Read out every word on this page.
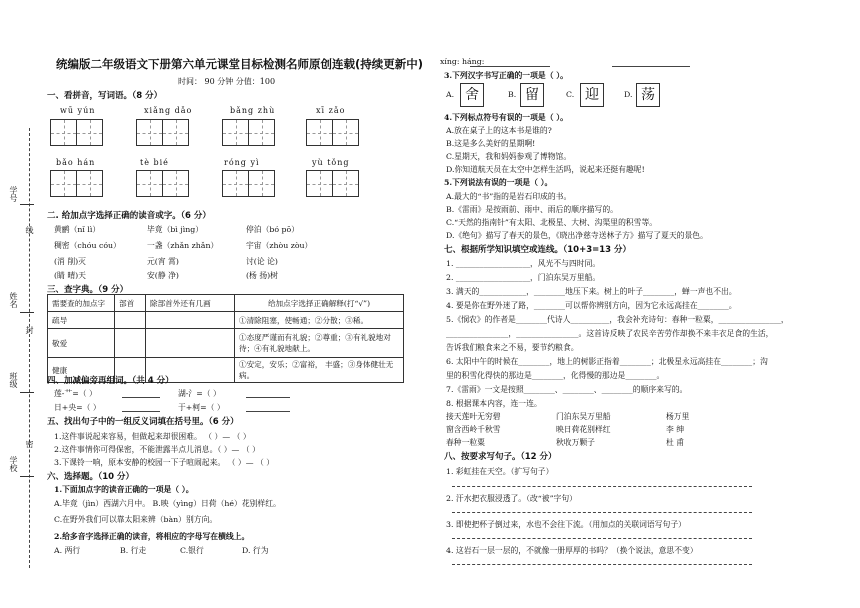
学号
姓名
班级
学校
线
封
密
统编版二年级语文下册第六单元课堂目标检测名师原创连载(持续更新中)
时间： 90 分钟 分值：100
一、看拼音，写词语。（8 分）
wū yún	xiǎng dǎo	bǎng zhù	xī zǎo
bǎo hán	tè bié	róng yì	yù tǒng
二. 给加点字选择正确的读音或字。（6 分）
黄鹂（nǐ lì）	毕竟（bì jìng）	停泊（bó pō）
稠密（chóu cóu）	一盏（zhǎn zhǎn）	宇宙（zhòu zòu）
(消 削)灭	元(宵 霄)	讨(论 论)
(睛 晴)天	安(静 净)	(杨 扬)树
三、查字典。（9 分）
需要查的加点字	部首	除部首外还有几画	给加点字选择正确解释(打“√”)
疏导			①清除阻塞，使畅通；②分散；③稀。
敬爱			①态度严谨而有礼貌；②尊重；③有礼貌地对待；④有礼貌地献上。
健康			①安定，安乐；②富裕， 丰盛；③身体健壮无病。
四、加减偏旁再组词。（共 4 分）
莲-艹=（ ）	湖-氵=（ ）
日+央=（ ）	于+柯=（ ）
五、找出句子中的一组反义词填在括号里。（6 分）
1.这件事说起来容易，但做起来却很困难。 （ ）— （ ）
2.这件事情你可得保密，不能泄露半点儿消息。（ ）— （ ）
3.下课铃一响，原本安静的校园一下子喧闹起来。 （ ）— （ ）
六、选择题。（10 分）
1.下面加点字的读音正确的一项是（ ）。
A.毕竟（jìn）西湖六月中。 B.映（yìng）日荷（hé）花别样红。
C.在野外我们可以靠太阳来辨（bàn）别方向。
2.给多音字选择正确的读音，将相应的字母写在横线上。
A. 两行	B. 行走	C.银行	D. 行为
xíng: háng:
3.下列汉字书写正确的一项是（ ）。
A. 舍	B. 留	C. 迎	D. 荡
4.下列标点符号有误的一项是（ ）。
A.放在桌子上的这本书是谁的?
B.这是多么美好的星期啊!
C.星期天，我和妈妈参观了博物馆。
D.你知道航天员在太空中怎样生活吗，说起来还挺有趣呢!
5.下列说法有误的一项是（ ）。
A.最大的“书”指的是岩石印成的书。
B.《雷雨》是按雨前、雨中、雨后的顺序描写的。
C.“天然的指南针”有太阳、北极星、大树、沟渠里的积雪等。
D.《绝句》描写了春天的景色，《晓出净慈寺送林子方》描写了夏天的景色。
七、根据所学知识填空或连线。（10+3=13 分）
1. ___________________，风光不与四时同。
2. ___________________，门泊东吴万里船。
3. 满天的____________，________地压下来。树上的叶子________，蝉一声也不出。
4. 要是你在野外迷了路，________可以帮你辨别方向，因为它永远高挂在________。
5.《悯农》的作者是________代诗人__________，我会补充诗句：春种一粒粟，________________，
________________，________________。这首诗反映了农民辛苦劳作却换不来丰衣足食的生活，
告诉我们粮食来之不易，要节约粮食。
6. 太阳中午的时候在________，地上的树影正指着________；北极星永远高挂在________；沟
里的积雪化得快的那边是________，化得慢的那边是________。
7.《雷雨》一文是按照________、________、________的顺序来写的。
8. 根据课本内容，连一连。
接天莲叶无穷碧	门泊东吴万里船	杨万里
窗含西岭千秋雪	映日荷花别样红	李 绅
春种一粒粟	秋收万颗子	杜 甫
八、按要求写句子。（12 分）
1. 彩虹挂在天空。（扩写句子）
2. 汗水把衣服浸透了。（改“被”字句）
3. 即使把杯子倒过来，水也不会往下流。（用加点的关联词语写句子）
4. 这岩石一层一层的，不就像一册厚厚的书吗？（换个说法，意思不变）
